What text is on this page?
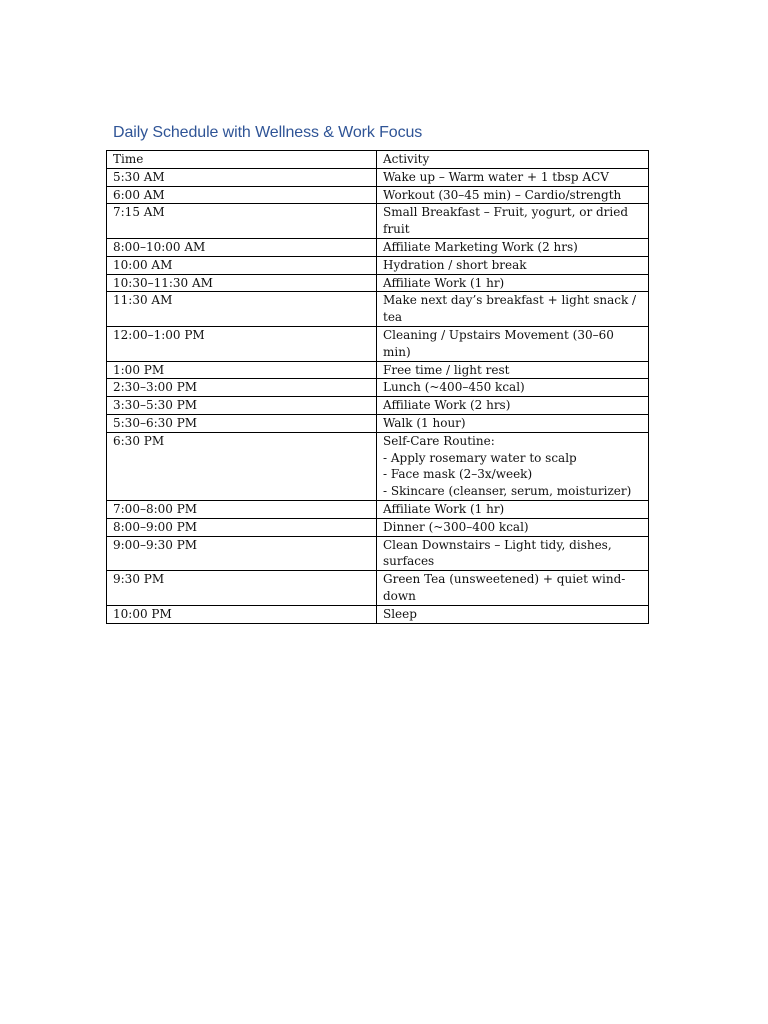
Daily Schedule with Wellness & Work Focus
Time	Activity
5:30 AM	Wake up – Warm water + 1 tbsp ACV

6:00 AM	Workout (30–45 min) – Cardio/strength

7:15 AM	Small Breakfast – Fruit, yogurt, or dried
fruit

8:00–10:00 AM	Affiliate Marketing Work (2 hrs)

10:00 AM	Hydration / short break

10:30–11:30 AM	Affiliate Work (1 hr)

11:30 AM	Make next day’s breakfast + light snack /
tea

12:00–1:00 PM	Cleaning / Upstairs Movement (30–60 min)

1:00 PM	Free time / light rest

2:30–3:00 PM	Lunch (~400–450 kcal)

3:30–5:30 PM	Affiliate Work (2 hrs)

5:30–6:30 PM	Walk (1 hour)

6:30 PM	Self-Care Routine:
- Apply rosemary water to scalp
- Face mask (2–3x/week)
- Skincare (cleanser, serum, moisturizer)

7:00–8:00 PM	Affiliate Work (1 hr)

8:00–9:00 PM	Dinner (~300–400 kcal)

9:00–9:30 PM	Clean Downstairs – Light tidy, dishes,
surfaces

9:30 PM	Green Tea (unsweetened) + quiet wind-
down

10:00 PM	Sleep
